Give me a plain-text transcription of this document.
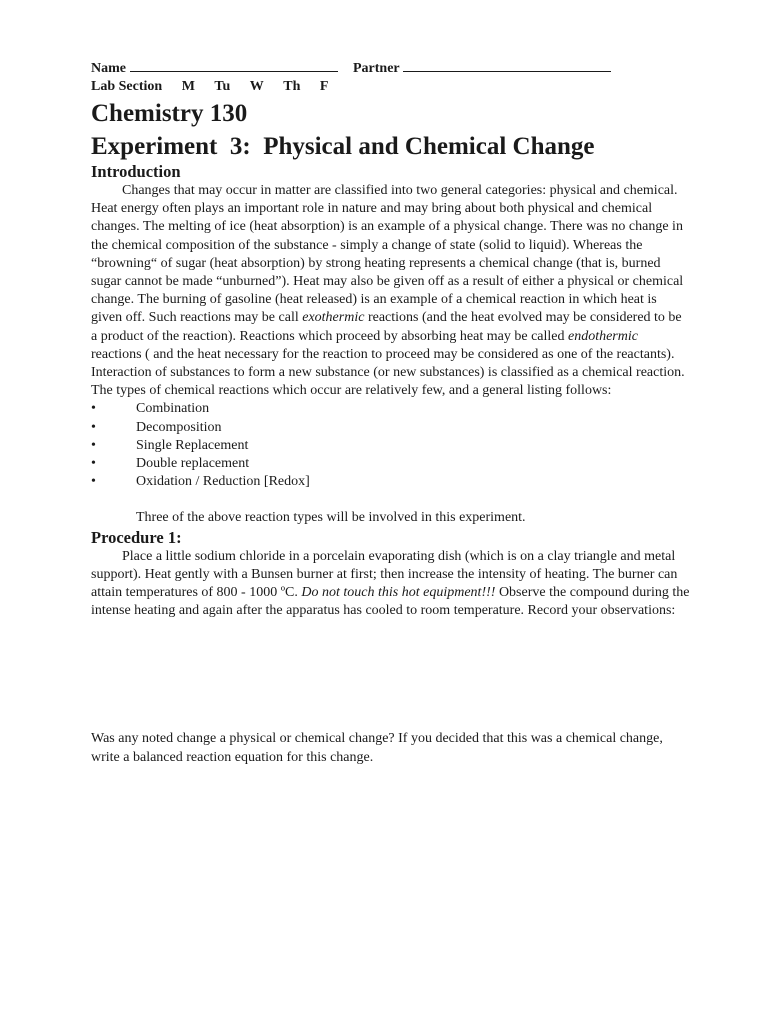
Name	Partner
Lab Section M Tu W Th F
Chemistry 130
Experiment  3:  Physical and Chemical Change
Introduction

Changes that may occur in matter are classified into two general categories: physical and chemical. Heat energy often plays an important role in nature and may bring about both physical and chemical changes. The melting of ice (heat absorption) is an example of a physical change. There was no change in the chemical composition of the substance - simply a change of state (solid to liquid). Whereas the “browning“ of sugar (heat absorption) by strong heating represents a chemical change (that is, burned sugar cannot be made “unburned”). Heat may also be given off as a result of either a physical or chemical change. The burning of gasoline (heat released) is an example of a chemical reaction in which heat is given off. Such reactions may be call exothermic reactions (and the heat evolved may be considered to be a product of the reaction). Reactions which proceed by absorbing heat may be called endothermic reactions ( and the heat necessary for the reaction to proceed may be considered as one of the reactants). Interaction of substances to form a new substance (or new substances) is classified as a chemical reaction. The types of chemical reactions which occur are relatively few, and a general listing follows:

•	Combination
•	Decomposition
•	Single Replacement
•	Double replacement
•	Oxidation / Reduction [Redox]

Three of the above reaction types will be involved in this experiment.

Procedure 1:

Place a little sodium chloride in a porcelain evaporating dish (which is on a clay triangle and metal support). Heat gently with a Bunsen burner at first; then increase the intensity of heating. The burner can attain temperatures of 800 - 1000 ºC. Do not touch this hot equipment!!! Observe the compound during the intense heating and again after the apparatus has cooled to room temperature. Record your observations:

Was any noted change a physical or chemical change? If you decided that this was a chemical change, write a balanced reaction equation for this change.
